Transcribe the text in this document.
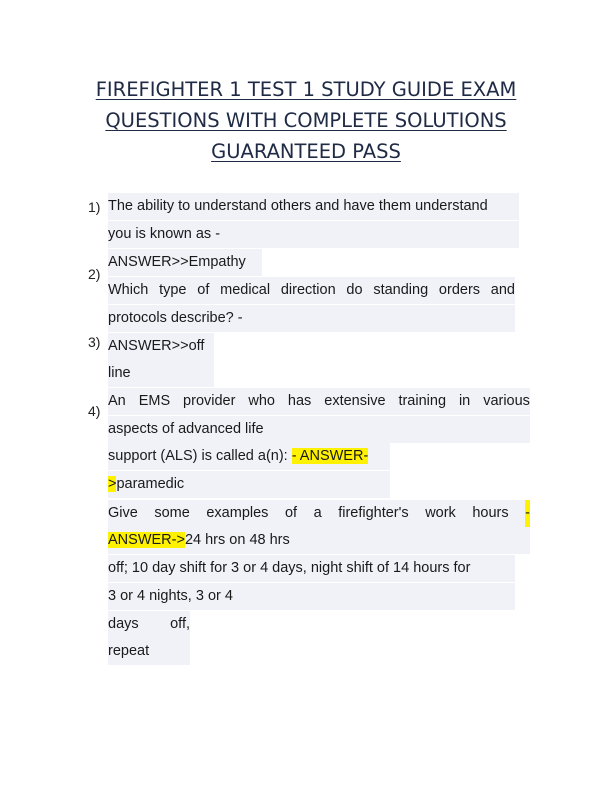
FIREFIGHTER 1 TEST 1 STUDY GUIDE EXAM
QUESTIONS WITH COMPLETE SOLUTIONS
GUARANTEED PASS
1)
2)
3)
4)
The ability to understand others and have them understand
you is known as -
ANSWER>>Empathy
Which type of medical direction do standing orders and
protocols describe? -
ANSWER>>off
line
An EMS provider who has extensive training in various
aspects of advanced life
support (ALS) is called a(n): - ANSWER-
>paramedic
Give some examples of a firefighter's work hours -
ANSWER->24 hrs on 48 hrs
off; 10 day shift for 3 or 4 days, night shift of 14 hours for
3 or 4 nights, 3 or 4
days off,
repeat
